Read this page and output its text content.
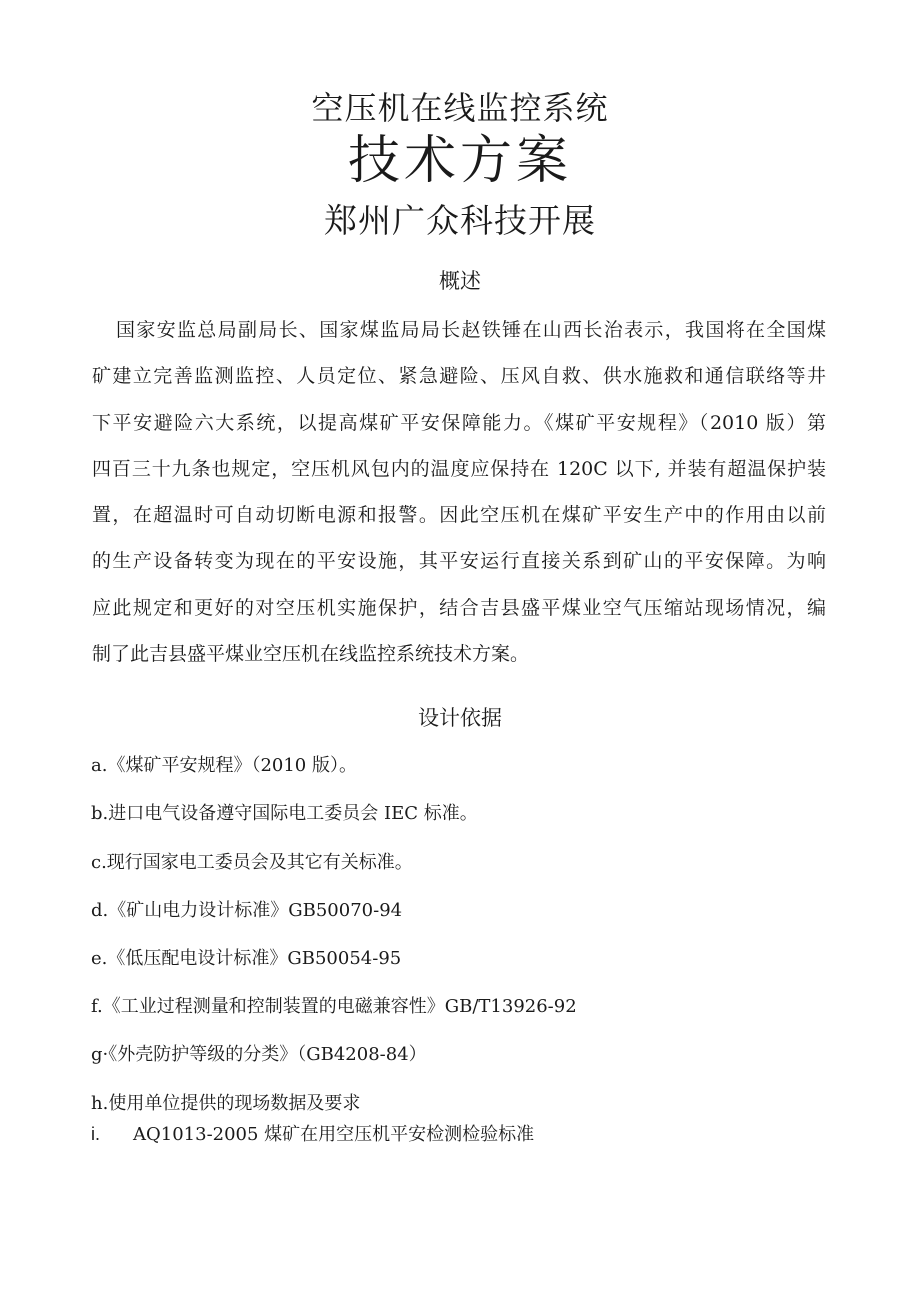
空压机在线监控系统
技术方案
郑州广众科技开展
概述
国家安监总局副局长、国家煤监局局长赵铁锤在山西长治表示，我国将在全国煤
矿建立完善监测监控、人员定位、紧急避险、压风自救、供水施救和通信联络等井
下平安避险六大系统，以提高煤矿平安保障能力。《煤矿平安规程》（2010 版）第
四百三十九条也规定，空压机风包内的温度应保持在 120C 以下, 并装有超温保护装
置，在超温时可自动切断电源和报警。因此空压机在煤矿平安生产中的作用由以前
的生产设备转变为现在的平安设施，其平安运行直接关系到矿山的平安保障。为响
应此规定和更好的对空压机实施保护，结合吉县盛平煤业空气压缩站现场情况，编
制了此吉县盛平煤业空压机在线监控系统技术方案。
设计依据
a.《煤矿平安规程》（2010 版）。
b.进口电气设备遵守国际电工委员会 IEC 标准。
c.现行国家电工委员会及其它有关标准。
d.《矿山电力设计标准》GB50070-94
e.《低压配电设计标准》GB50054-95
f.《工业过程测量和控制装置的电磁兼容性》GB/T13926-92
g·《外壳防护等级的分类》（GB4208-84）
h.使用单位提供的现场数据及要求
i. AQ1013-2005 煤矿在用空压机平安检测检验标准
